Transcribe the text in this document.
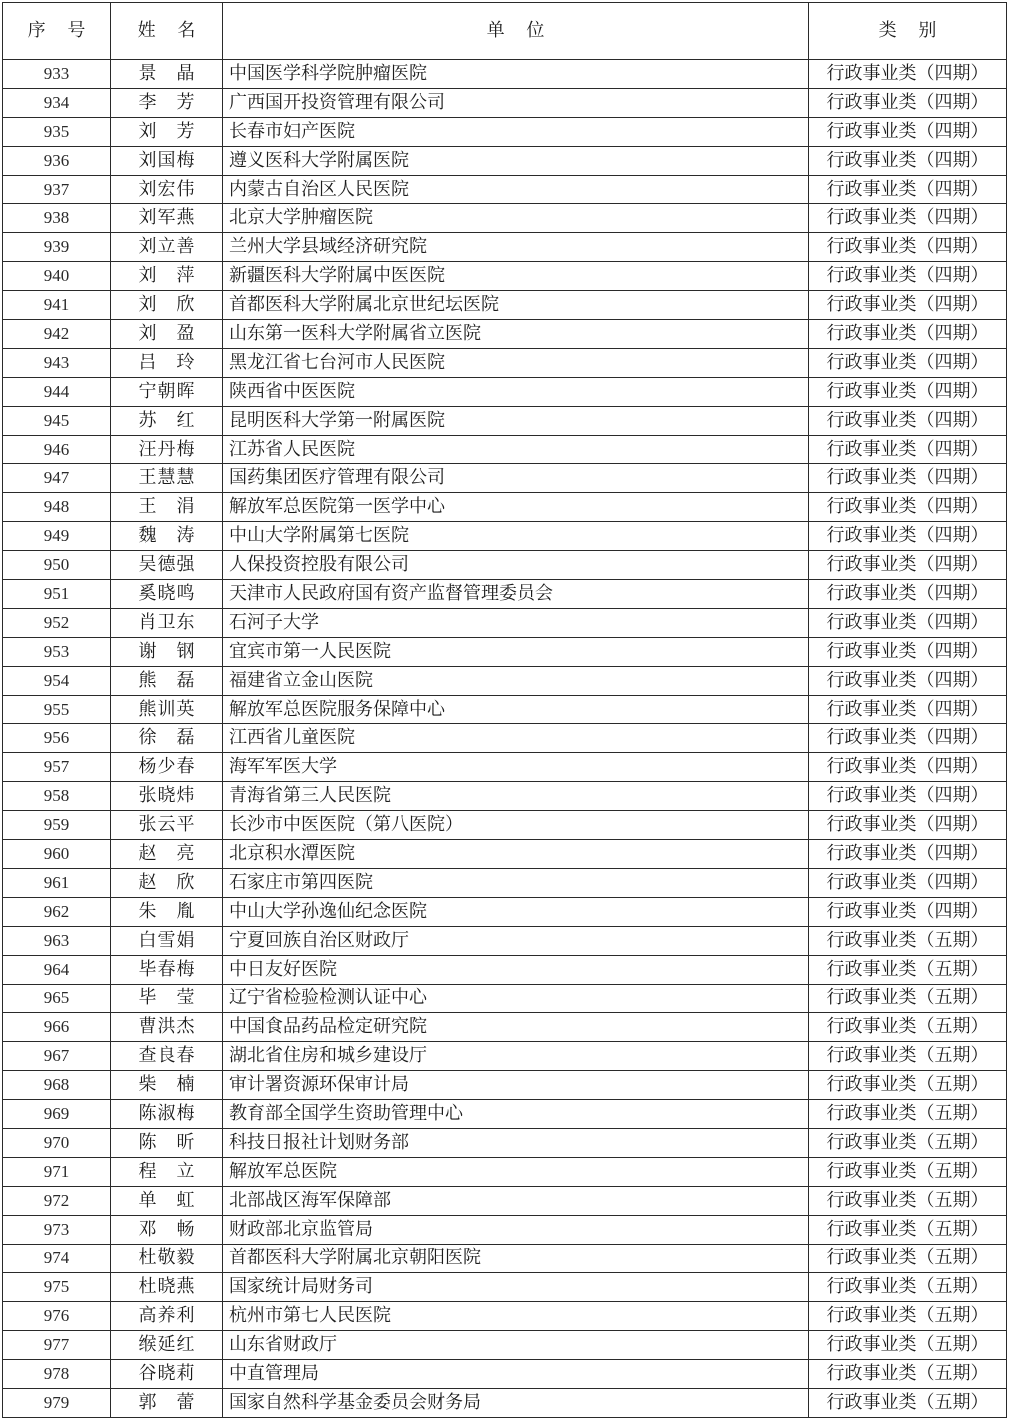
序 号	姓 名	单 位	类 别
933	景 晶	中国医学科学院肿瘤医院	行政事业类（四期）
934	李 芳	广西国开投资管理有限公司	行政事业类（四期）
935	刘 芳	长春市妇产医院	行政事业类（四期）
936	刘国梅	遵义医科大学附属医院	行政事业类（四期）
937	刘宏伟	内蒙古自治区人民医院	行政事业类（四期）
938	刘军燕	北京大学肿瘤医院	行政事业类（四期）
939	刘立善	兰州大学县域经济研究院	行政事业类（四期）
940	刘 萍	新疆医科大学附属中医医院	行政事业类（四期）
941	刘 欣	首都医科大学附属北京世纪坛医院	行政事业类（四期）
942	刘 盈	山东第一医科大学附属省立医院	行政事业类（四期）
943	吕 玲	黑龙江省七台河市人民医院	行政事业类（四期）
944	宁朝晖	陕西省中医医院	行政事业类（四期）
945	苏 红	昆明医科大学第一附属医院	行政事业类（四期）
946	汪丹梅	江苏省人民医院	行政事业类（四期）
947	王慧慧	国药集团医疗管理有限公司	行政事业类（四期）
948	王 涓	解放军总医院第一医学中心	行政事业类（四期）
949	魏 涛	中山大学附属第七医院	行政事业类（四期）
950	吴德强	人保投资控股有限公司	行政事业类（四期）
951	奚晓鸣	天津市人民政府国有资产监督管理委员会	行政事业类（四期）
952	肖卫东	石河子大学	行政事业类（四期）
953	谢 钢	宜宾市第一人民医院	行政事业类（四期）
954	熊 磊	福建省立金山医院	行政事业类（四期）
955	熊训英	解放军总医院服务保障中心	行政事业类（四期）
956	徐 磊	江西省儿童医院	行政事业类（四期）
957	杨少春	海军军医大学	行政事业类（四期）
958	张晓炜	青海省第三人民医院	行政事业类（四期）
959	张云平	长沙市中医医院（第八医院）	行政事业类（四期）
960	赵 亮	北京积水潭医院	行政事业类（四期）
961	赵 欣	石家庄市第四医院	行政事业类（四期）
962	朱 胤	中山大学孙逸仙纪念医院	行政事业类（四期）
963	白雪娟	宁夏回族自治区财政厅	行政事业类（五期）
964	毕春梅	中日友好医院	行政事业类（五期）
965	毕 莹	辽宁省检验检测认证中心	行政事业类（五期）
966	曹洪杰	中国食品药品检定研究院	行政事业类（五期）
967	查良春	湖北省住房和城乡建设厅	行政事业类（五期）
968	柴 楠	审计署资源环保审计局	行政事业类（五期）
969	陈淑梅	教育部全国学生资助管理中心	行政事业类（五期）
970	陈 昕	科技日报社计划财务部	行政事业类（五期）
971	程 立	解放军总医院	行政事业类（五期）
972	单 虹	北部战区海军保障部	行政事业类（五期）
973	邓 畅	财政部北京监管局	行政事业类（五期）
974	杜敬毅	首都医科大学附属北京朝阳医院	行政事业类（五期）
975	杜晓燕	国家统计局财务司	行政事业类（五期）
976	高养利	杭州市第七人民医院	行政事业类（五期）
977	缑延红	山东省财政厅	行政事业类（五期）
978	谷晓莉	中直管理局	行政事业类（五期）
979	郭 蕾	国家自然科学基金委员会财务局	行政事业类（五期）
